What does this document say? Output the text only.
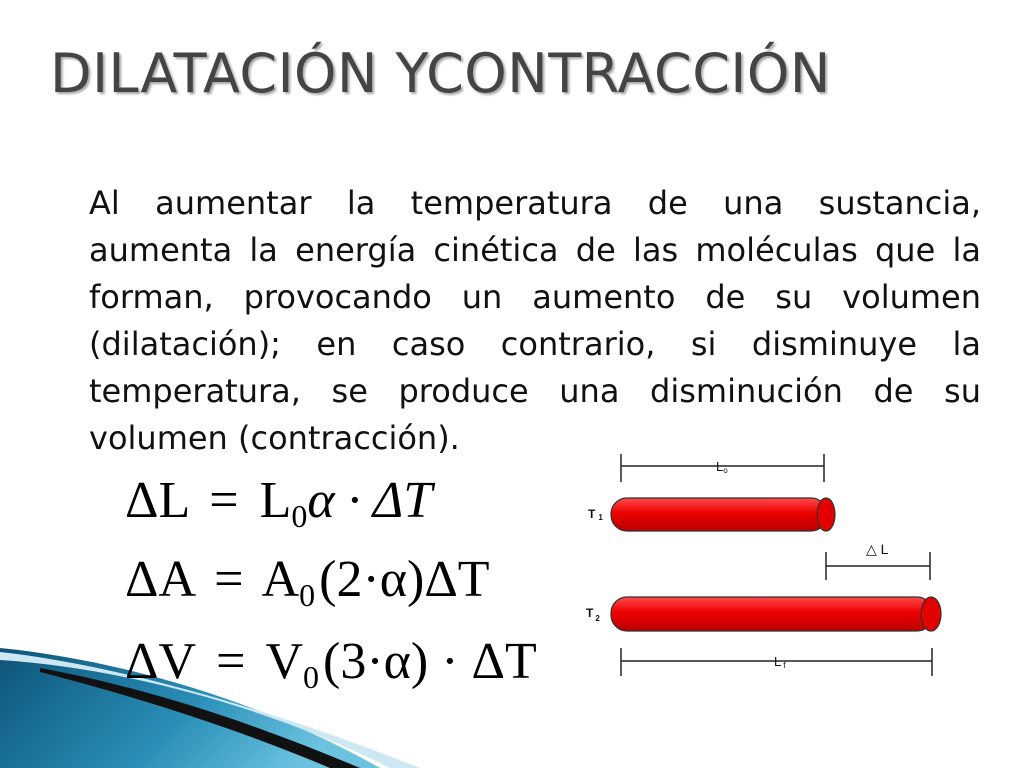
DILATACIÓN YCONTRACCIÓN

Al aumentar la temperatura de una sustancia, aumenta la energía cinética de las moléculas que la forman, provocando un aumento de su volumen (dilatación); en caso contrario, si disminuye la temperatura, se produce una disminución de su volumen (contracción).

ΔL = L0α · ΔT
ΔA = A0(2·α)ΔT
ΔV = V0(3·α) · ΔT
Lo
T 1
△ L
T $_2$
Lf
